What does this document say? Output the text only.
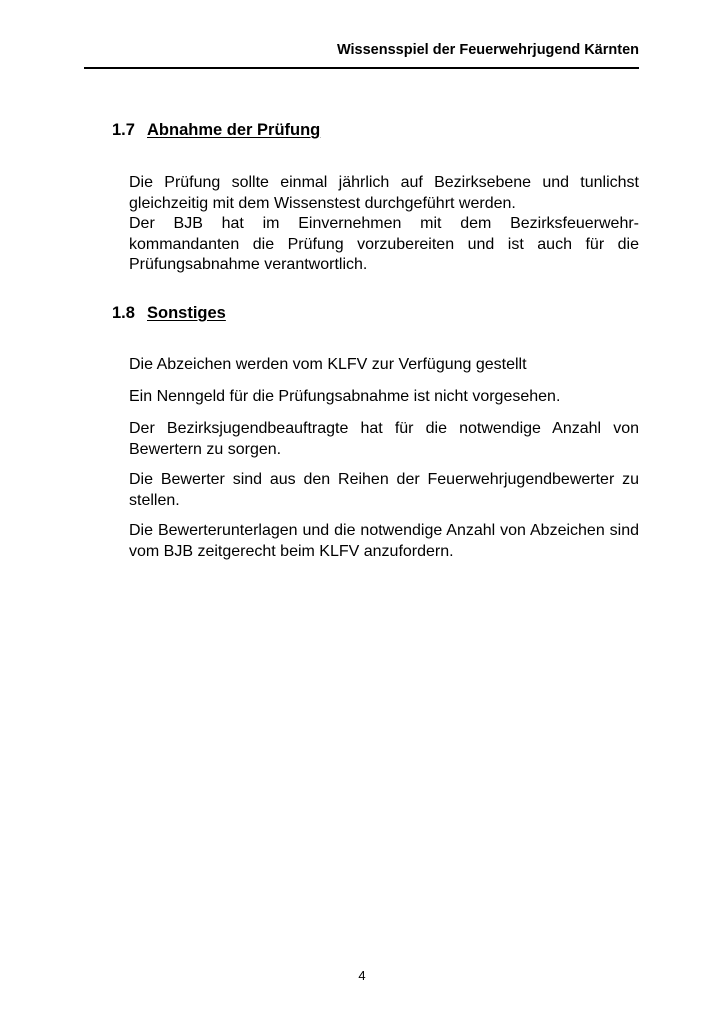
Wissensspiel der Feuerwehrjugend Kärnten
1.7 Abnahme der Prüfung

Die Prüfung sollte einmal jährlich auf Bezirksebene und tunlichst gleichzeitig mit dem Wissenstest durchgeführt werden.

Der BJB hat im Einvernehmen mit dem Bezirksfeuerwehr-kommandanten die Prüfung vorzubereiten und ist auch für die Prüfungsabnahme verantwortlich.

1.8 Sonstiges

Die Abzeichen werden vom KLFV zur Verfügung gestellt

Ein Nenngeld für die Prüfungsabnahme ist nicht vorgesehen.

Der Bezirksjugendbeauftragte hat für die notwendige Anzahl von Bewertern zu sorgen.

Die Bewerter sind aus den Reihen der Feuerwehrjugendbewerter zu stellen.

Die Bewerterunterlagen und die notwendige Anzahl von Abzeichen sind vom BJB zeitgerecht beim KLFV anzufordern.

4
